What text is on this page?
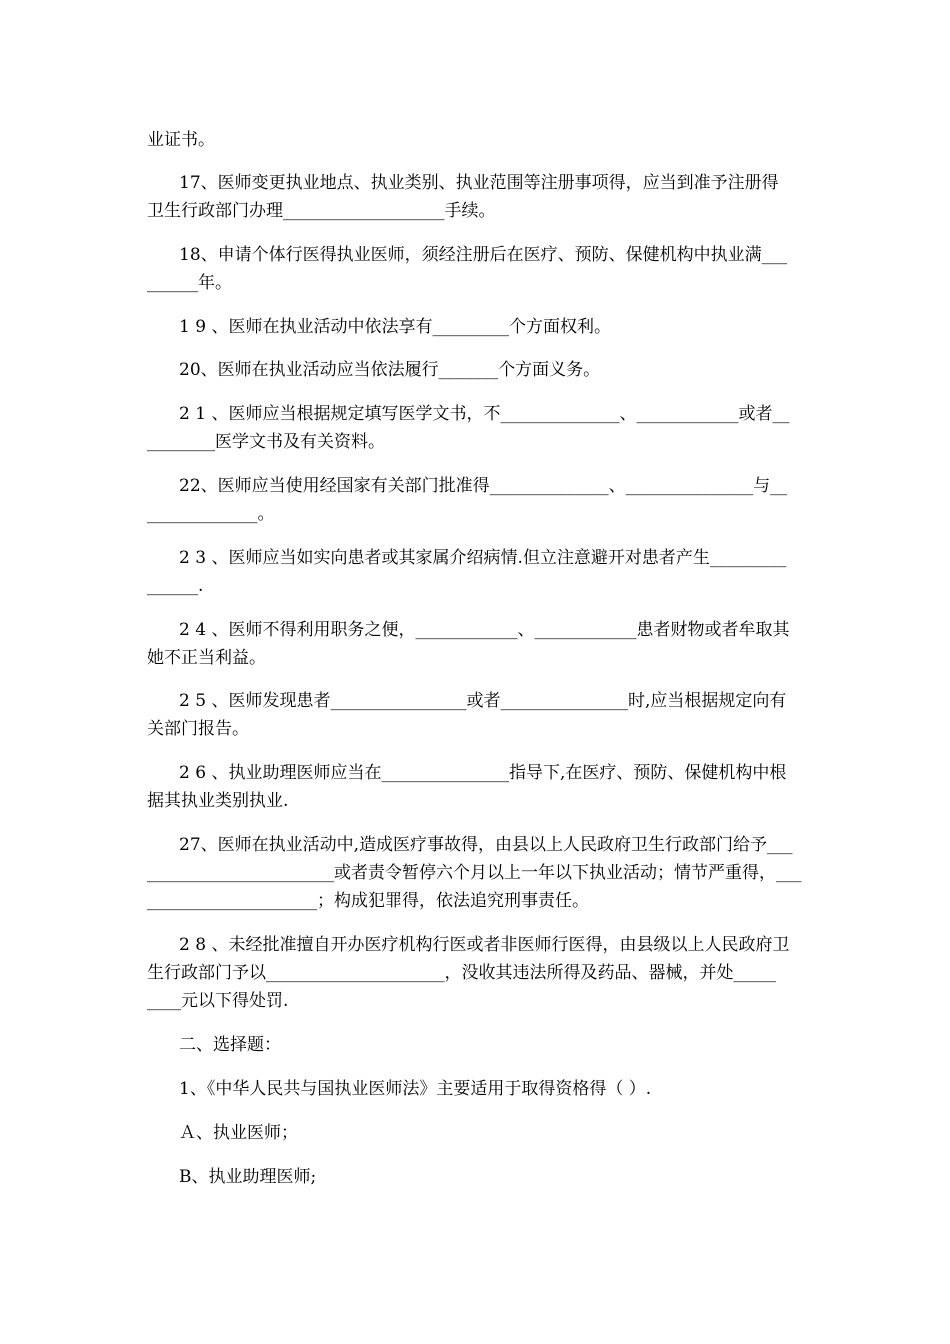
业证书。
17、医师变更执业地点、执业类别、执业范围等注册事项得，应当到准予注册得
卫生行政部门办理___________________手续。
18、申请个体行医得执业医师，须经注册后在医疗、预防、保健机构中执业满___
______年。
1 9 、医师在执业活动中依法享有_________个方面权利。
20、医师在执业活动应当依法履行_______个方面义务。
2 1 、医师应当根据规定填写医学文书，不______________、____________或者__
________医学文书及有关资料。
22、医师应当使用经国家有关部门批准得______________、_______________与__
_____________。
2 3 、医师应当如实向患者或其家属介绍病情.但立注意避开对患者产生_________
______.
2 4 、医师不得利用职务之便，____________、____________患者财物或者牟取其
她不正当利益。
2 5 、医师发现患者________________或者_______________时,应当根据规定向有
关部门报告。
2 6 、执业助理医师应当在_______________指导下,在医疗、预防、保健机构中根
据其执业类别执业.
27、医师在执业活动中,造成医疗事故得，由县以上人民政府卫生行政部门给予___
______________________或者责令暂停六个月以上一年以下执业活动；情节严重得，___
____________________；构成犯罪得，依法追究刑事责任。
2 8 、未经批准擅自开办医疗机构行医或者非医师行医得，由县级以上人民政府卫
生行政部门予以_____________________，没收其违法所得及药品、器械，并处_____
____元以下得处罚.
二、选择题：
1、《中华人民共与国执业医师法》主要适用于取得资格得（ ）.
Ａ、执业医师；
B、执业助理医师;
